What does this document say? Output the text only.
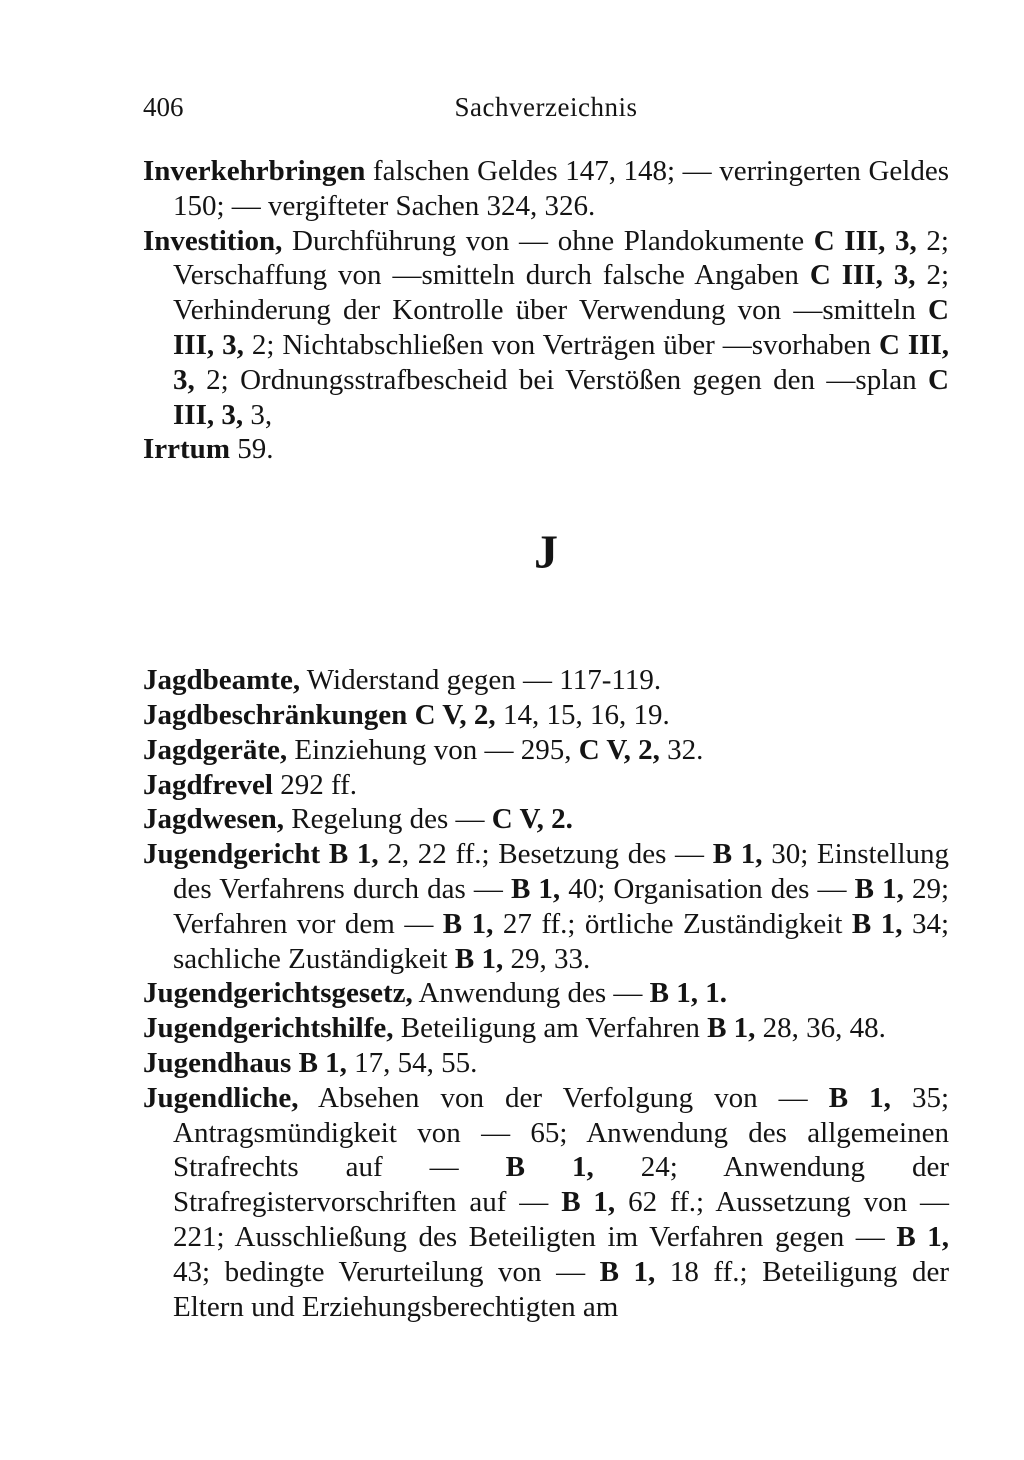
406	Sachverzeichnis

Inverkehrbringen falschen Geldes 147, 148; — verringerten Geldes 150; — vergifteter Sachen 324, 326.

Investition, Durchführung von — ohne Plandokumente C III, 3, 2; Verschaffung von —smitteln durch falsche Angaben C III, 3, 2; Verhinderung der Kontrolle über Verwendung von —smitteln C III, 3, 2; Nichtabschließen von Verträgen über —svorhaben C III, 3, 2; Ordnungsstrafbescheid bei Verstößen gegen den —splan C III, 3, 3,

Irrtum 59.

J

Jagdbeamte, Widerstand gegen — 117-119.

Jagdbeschränkungen C V, 2, 14, 15, 16, 19.

Jagdgeräte, Einziehung von — 295, C V, 2, 32.

Jagdfrevel 292 ff.

Jagdwesen, Regelung des — C V, 2.

Jugendgericht B 1, 2, 22 ff.; Besetzung des — B 1, 30; Einstellung des Verfahrens durch das — B 1, 40; Organisation des — B 1, 29; Verfahren vor dem — B 1, 27 ff.; örtliche Zuständigkeit B 1, 34; sachliche Zuständigkeit B 1, 29, 33.

Jugendgerichtsgesetz, Anwendung des — B 1, 1.

Jugendgerichtshilfe, Beteiligung am Verfahren B 1, 28, 36, 48.

Jugendhaus B 1, 17, 54, 55.

Jugendliche, Absehen von der Verfolgung von — B 1, 35; Antragsmündigkeit von — 65; Anwendung des allgemeinen Strafrechts auf — B 1, 24; Anwendung der Strafregistervorschriften auf — B 1, 62 ff.; Aussetzung von — 221; Ausschließung des Beteiligten im Verfahren gegen — B 1, 43; bedingte Verurteilung von — B 1, 18 ff.; Beteiligung der Eltern und Erziehungsberechtigten am
